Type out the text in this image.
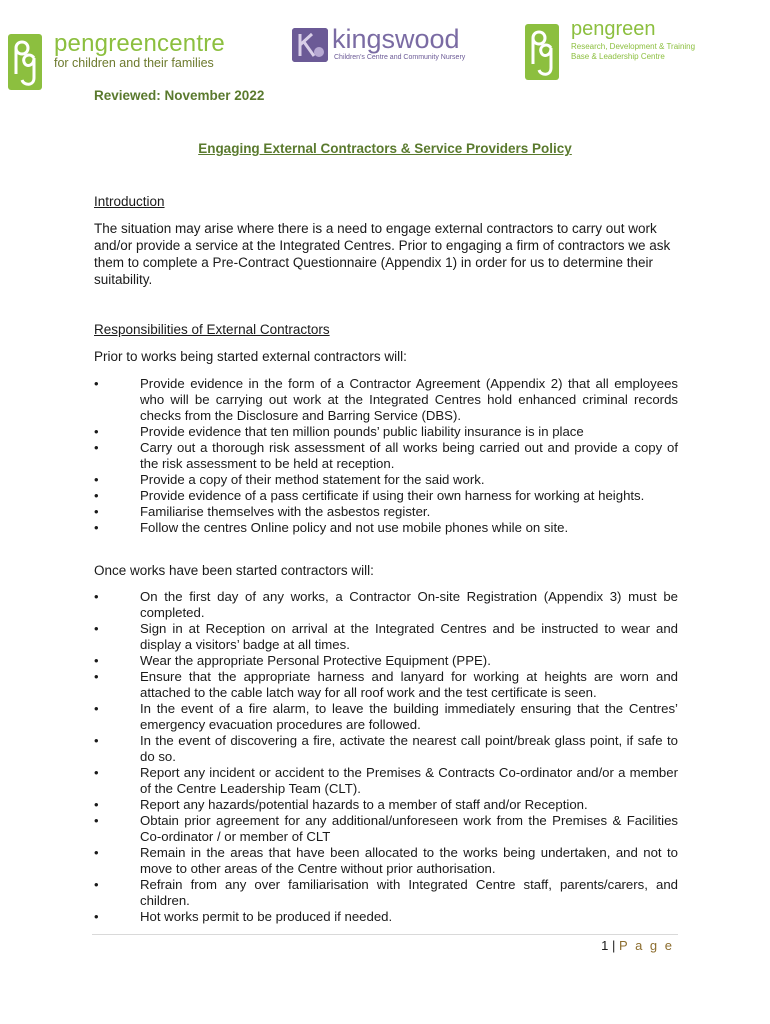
pengreencentre
for children and their families
kingswood
Children's Centre and Community Nursery
pengreen
Research, Development & Training Base & Leadership Centre
Reviewed: November 2022
Engaging External Contractors & Service Providers Policy
Introduction
The situation may arise where there is a need to engage external contractors to carry out work and/or provide a service at the Integrated Centres. Prior to engaging a firm of contractors we ask them to complete a Pre-Contract Questionnaire (Appendix 1) in order for us to determine their suitability.
Responsibilities of External Contractors
Prior to works being started external contractors will:
• Provide evidence in the form of a Contractor Agreement (Appendix 2) that all employees who will be carrying out work at the Integrated Centres hold enhanced criminal records checks from the Disclosure and Barring Service (DBS).
• Provide evidence that ten million pounds’ public liability insurance is in place
• Carry out a thorough risk assessment of all works being carried out and provide a copy of the risk assessment to be held at reception.
• Provide a copy of their method statement for the said work.
• Provide evidence of a pass certificate if using their own harness for working at heights.
• Familiarise themselves with the asbestos register.
• Follow the centres Online policy and not use mobile phones while on site.
Once works have been started contractors will:
• On the first day of any works, a Contractor On-site Registration (Appendix 3) must be completed.
• Sign in at Reception on arrival at the Integrated Centres and be instructed to wear and display a visitors’ badge at all times.
• Wear the appropriate Personal Protective Equipment (PPE).
• Ensure that the appropriate harness and lanyard for working at heights are worn and attached to the cable latch way for all roof work and the test certificate is seen.
• In the event of a fire alarm, to leave the building immediately ensuring that the Centres’ emergency evacuation procedures are followed.
• In the event of discovering a fire, activate the nearest call point/break glass point, if safe to do so.
• Report any incident or accident to the Premises & Contracts Co-ordinator and/or a member of the Centre Leadership Team (CLT).
• Report any hazards/potential hazards to a member of staff and/or Reception.
• Obtain prior agreement for any additional/unforeseen work from the Premises & Facilities Co-ordinator / or member of CLT
• Remain in the areas that have been allocated to the works being undertaken, and not to move to other areas of the Centre without prior authorisation.
• Refrain from any over familiarisation with Integrated Centre staff, parents/carers, and children.
• Hot works permit to be produced if needed.
1 | P a g e
